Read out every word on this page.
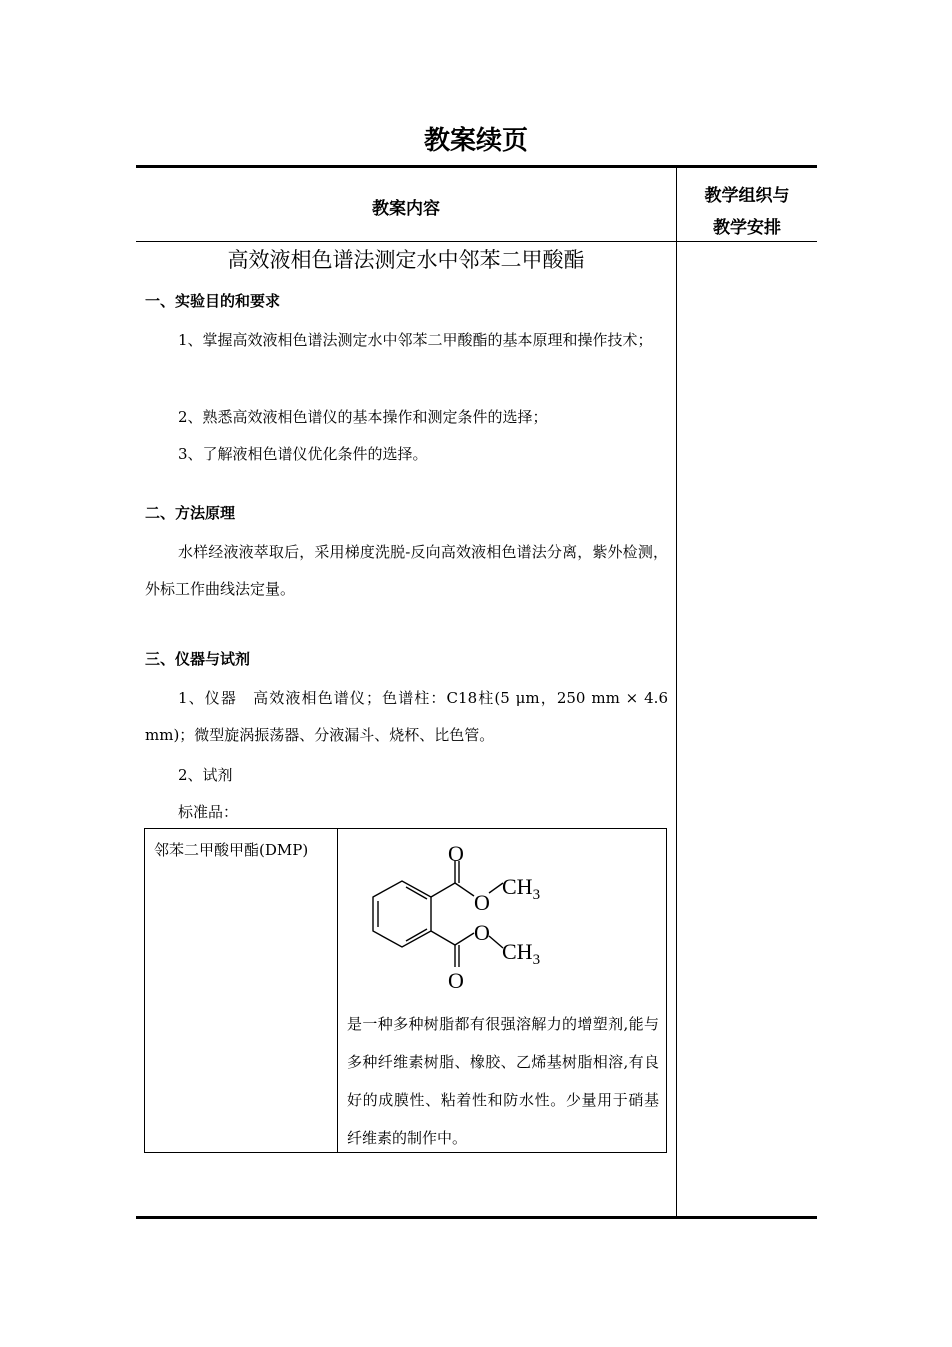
教案续页
教案内容
教学组织与
教学安排
高效液相色谱法测定水中邻苯二甲酸酯
一、实验目的和要求
1、掌握高效液相色谱法测定水中邻苯二甲酸酯的基本原理和操作技术；
2、熟悉高效液相色谱仪的基本操作和测定条件的选择；
3、了解液相色谱仪优化条件的选择。
二、方法原理
水样经液液萃取后，采用梯度洗脱-反向高效液相色谱法分离，紫外检测，外标工作曲线法定量。
三、仪器与试剂
1、仪器　高效液相色谱仪；色谱柱：C18柱(5 μm，250 mm × 4.6 mm)；微型旋涡振荡器、分液漏斗、烧杯、比色管。
2、试剂
标准品：
邻苯二甲酸甲酯(DMP)	O
O
$CH_3$
O
$CH_3$
O
是一种多种树脂都有很强溶解力的增塑剂,能与多种纤维素树脂、橡胶、乙烯基树脂相溶,有良好的成膜性、粘着性和防水性。少量用于硝基纤维素的制作中。
